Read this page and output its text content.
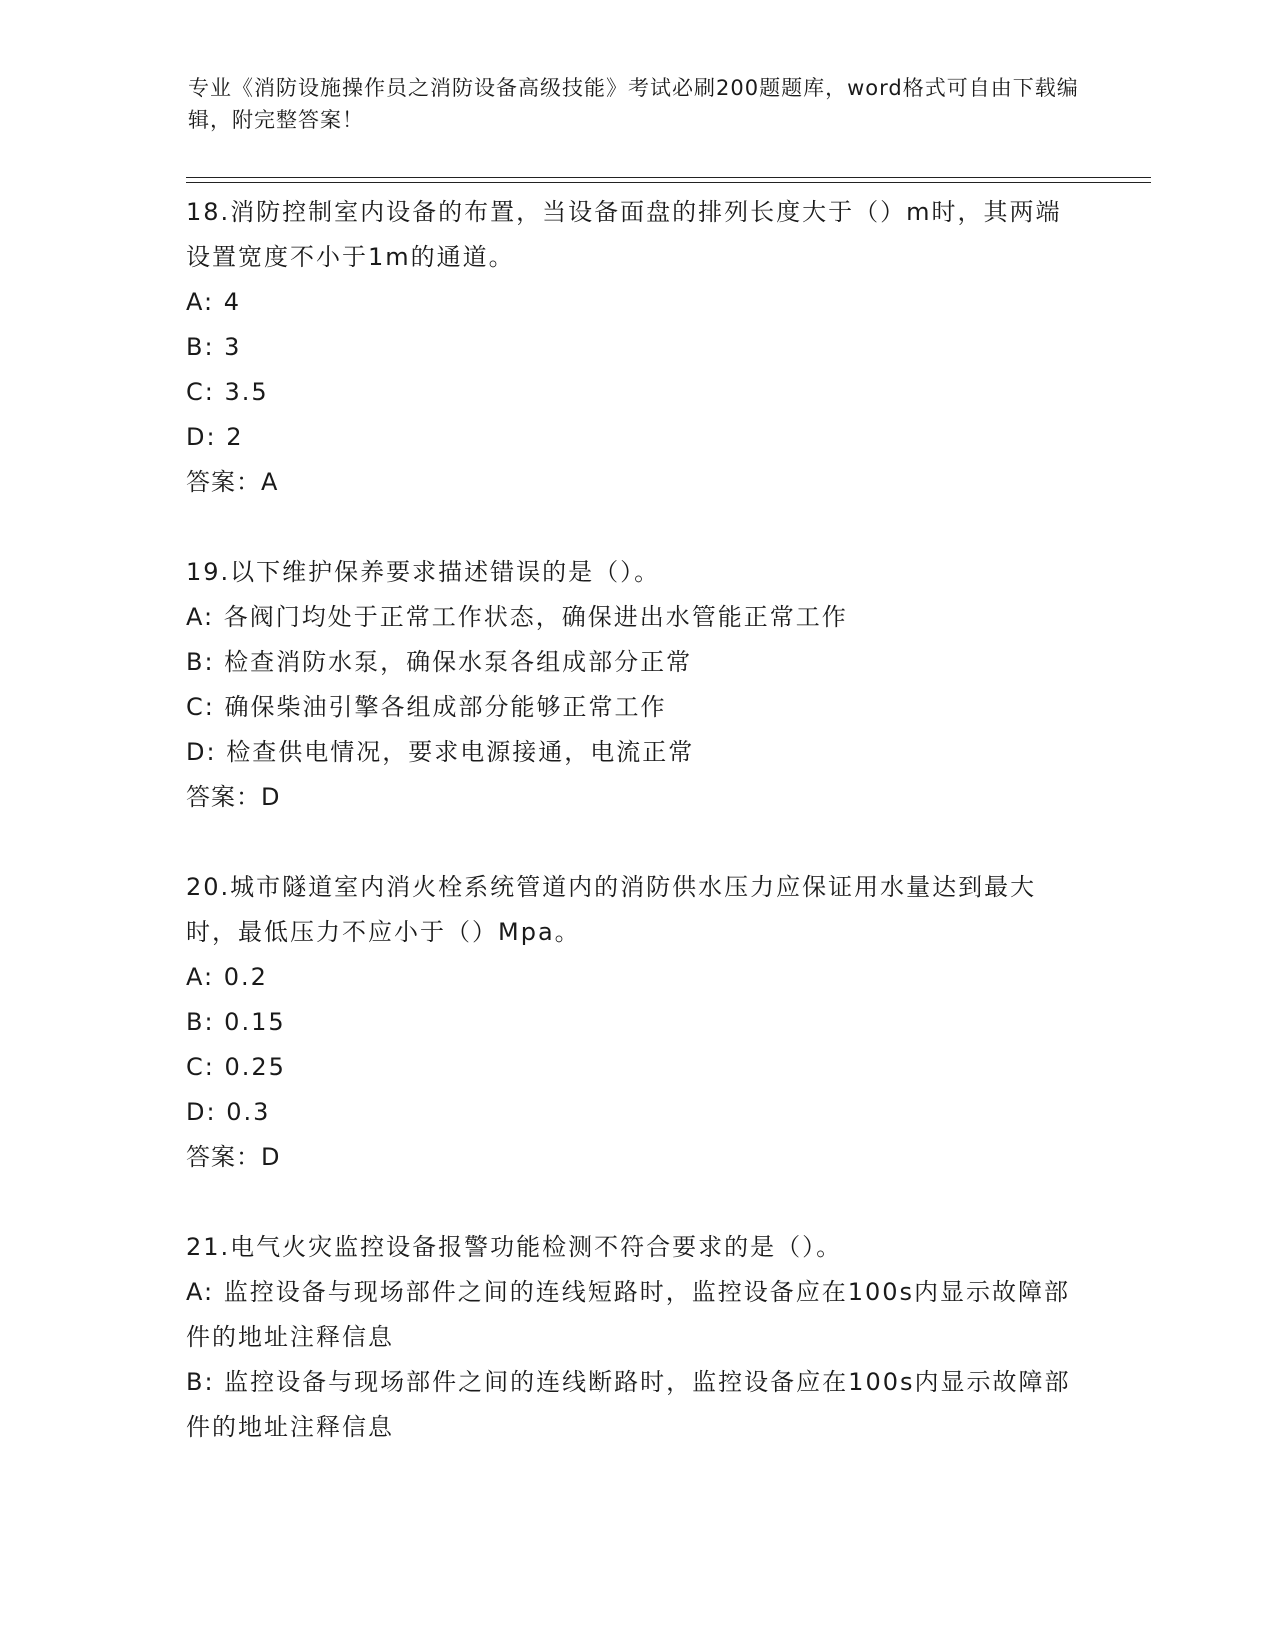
专业《消防设施操作员之消防设备高级技能》考试必刷200题题库，word格式可自由下载编辑，附完整答案！
18.消防控制室内设备的布置，当设备面盘的排列长度大于（）m时，其两端设置宽度不小于1m的通道。
A: 4
B: 3
C: 3.5
D: 2
答案：A
19.以下维护保养要求描述错误的是（）。
A: 各阀门均处于正常工作状态，确保进出水管能正常工作
B: 检查消防水泵，确保水泵各组成部分正常
C: 确保柴油引擎各组成部分能够正常工作
D: 检查供电情况，要求电源接通，电流正常
答案：D
20.城市隧道室内消火栓系统管道内的消防供水压力应保证用水量达到最大时，最低压力不应小于（）Mpa。
A: 0.2
B: 0.15
C: 0.25
D: 0.3
答案：D
21.电气火灾监控设备报警功能检测不符合要求的是（）。
A: 监控设备与现场部件之间的连线短路时，监控设备应在100s内显示故障部件的地址注释信息
B: 监控设备与现场部件之间的连线断路时，监控设备应在100s内显示故障部件的地址注释信息
